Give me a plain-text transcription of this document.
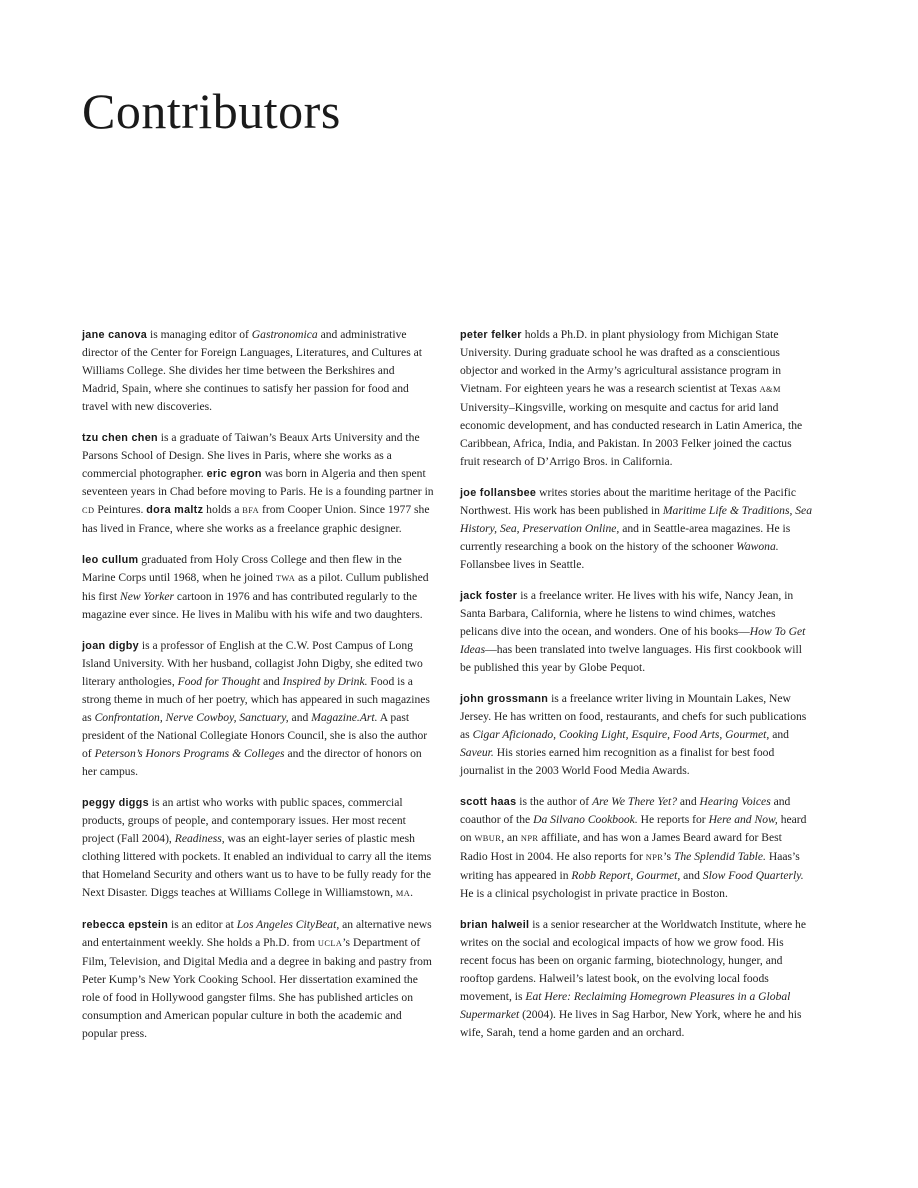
Contributors

jane canova is managing editor of Gastronomica and administrative director of the Center for Foreign Languages, Literatures, and Cultures at Williams College. She divides her time between the Berkshires and Madrid, Spain, where she continues to satisfy her passion for food and travel with new discoveries.

tzu chen chen is a graduate of Taiwan’s Beaux Arts University and the Parsons School of Design. She lives in Paris, where she works as a commercial photographer. eric egron was born in Algeria and then spent seventeen years in Chad before moving to Paris. He is a founding partner in CD Peintures. dora maltz holds a BFA from Cooper Union. Since 1977 she has lived in France, where she works as a freelance graphic designer.

leo cullum graduated from Holy Cross College and then flew in the Marine Corps until 1968, when he joined TWA as a pilot. Cullum published his first New Yorker cartoon in 1976 and has contributed regularly to the magazine ever since. He lives in Malibu with his wife and two daughters.

joan digby is a professor of English at the C.W. Post Campus of Long Island University. With her husband, collagist John Digby, she edited two literary anthologies, Food for Thought and Inspired by Drink. Food is a strong theme in much of her poetry, which has appeared in such magazines as Confrontation, Nerve Cowboy, Sanctuary, and Magazine.Art. A past president of the National Collegiate Honors Council, she is also the author of Peterson’s Honors Programs & Colleges and the director of honors on her campus.

peggy diggs is an artist who works with public spaces, commercial products, groups of people, and contemporary issues. Her most recent project (Fall 2004), Readiness, was an eight-layer series of plastic mesh clothing littered with pockets. It enabled an individual to carry all the items that Homeland Security and others want us to have to be fully ready for the Next Disaster. Diggs teaches at Williams College in Williamstown, MA.

rebecca epstein is an editor at Los Angeles CityBeat, an alternative news and entertainment weekly. She holds a Ph.D. from UCLA’s Department of Film, Television, and Digital Media and a degree in baking and pastry from Peter Kump’s New York Cooking School. Her dissertation examined the role of food in Hollywood gangster films. She has published articles on consumption and American popular culture in both the academic and popular press.

peter felker holds a Ph.D. in plant physiology from Michigan State University. During graduate school he was drafted as a conscientious objector and worked in the Army’s agricultural assistance program in Vietnam. For eighteen years he was a research scientist at Texas A&M University–Kingsville, working on mesquite and cactus for arid land economic development, and has conducted research in Latin America, the Caribbean, Africa, India, and Pakistan. In 2003 Felker joined the cactus fruit research of D’Arrigo Bros. in California.

joe follansbee writes stories about the maritime heritage of the Pacific Northwest. His work has been published in Maritime Life & Traditions, Sea History, Sea, Preservation Online, and in Seattle-area magazines. He is currently researching a book on the history of the schooner Wawona. Follansbee lives in Seattle.

jack foster is a freelance writer. He lives with his wife, Nancy Jean, in Santa Barbara, California, where he listens to wind chimes, watches pelicans dive into the ocean, and wonders. One of his books—How To Get Ideas—has been translated into twelve languages. His first cookbook will be published this year by Globe Pequot.

john grossmann is a freelance writer living in Mountain Lakes, New Jersey. He has written on food, restaurants, and chefs for such publications as Cigar Aficionado, Cooking Light, Esquire, Food Arts, Gourmet, and Saveur. His stories earned him recognition as a finalist for best food journalist in the 2003 World Food Media Awards.

scott haas is the author of Are We There Yet? and Hearing Voices and coauthor of the Da Silvano Cookbook. He reports for Here and Now, heard on WBUR, an NPR affiliate, and has won a James Beard award for Best Radio Host in 2004. He also reports for NPR’s The Splendid Table. Haas’s writing has appeared in Robb Report, Gourmet, and Slow Food Quarterly. He is a clinical psychologist in private practice in Boston.

brian halweil is a senior researcher at the Worldwatch Institute, where he writes on the social and ecological impacts of how we grow food. His recent focus has been on organic farming, biotechnology, hunger, and rooftop gardens. Halweil’s latest book, on the evolving local foods movement, is Eat Here: Reclaiming Homegrown Pleasures in a Global Supermarket (2004). He lives in Sag Harbor, New York, where he and his wife, Sarah, tend a home garden and an orchard.
